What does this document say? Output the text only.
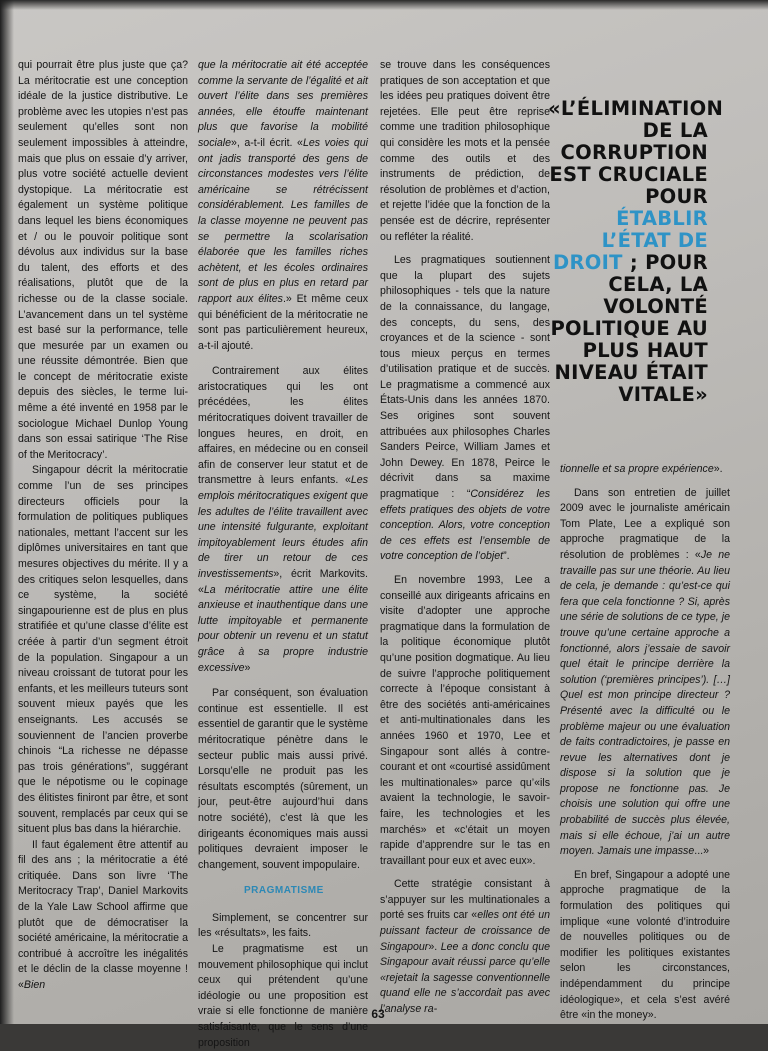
qui pourrait être plus juste que ça? La méritocratie est une conception idéale de la justice distributive. Le problème avec les utopies n’est pas seulement qu’elles sont non seulement impossibles à atteindre, mais que plus on essaie d’y arriver, plus votre société actuelle devient dystopique. La méritocratie est également un système politique dans lequel les biens économiques et / ou le pouvoir politique sont dévolus aux individus sur la base du talent, des efforts et des réalisations, plutôt que de la richesse ou de la classe sociale. L’avancement dans un tel système est basé sur la performance, telle que mesurée par un examen ou une réussite démontrée. Bien que le concept de méritocratie existe depuis des siècles, le terme lui-même a été inventé en 1958 par le sociologue Michael Dunlop Young dans son essai satirique ‘The Rise of the Meritocracy’.

Singapour décrit la méritocratie comme l’un de ses principes directeurs officiels pour la formulation de politiques publiques nationales, mettant l’accent sur les diplômes universitaires en tant que mesures objectives du mérite. Il y a des critiques selon lesquelles, dans ce système, la société singapourienne est de plus en plus stratifiée et qu’une classe d’élite est créée à partir d’un segment étroit de la population. Singapour a un niveau croissant de tutorat pour les enfants, et les meilleurs tuteurs sont souvent mieux payés que les enseignants. Les accusés se souviennent de l’ancien proverbe chinois “La richesse ne dépasse pas trois générations”, suggérant que le népotisme ou le copinage des élitistes finiront par être, et sont souvent, remplacés par ceux qui se situent plus bas dans la hiérarchie.

Il faut également être attentif au fil des ans ; la méritocratie a été critiquée. Dans son livre ‘The Meritocracy Trap’, Daniel Markovits de la Yale Law School affirme que plutôt que de démocratiser la société américaine, la méritocratie a contribué à accroître les inégalités et le déclin de la classe moyenne ! «Bien

que la méritocratie ait été acceptée comme la servante de l’égalité et ait ouvert l’élite dans ses premières années, elle étouffe maintenant plus que favorise la mobilité sociale», a-t-il écrit. «Les voies qui ont jadis transporté des gens de circonstances modestes vers l’élite américaine se rétrécissent considérablement. Les familles de la classe moyenne ne peuvent pas se permettre la scolarisation élaborée que les familles riches achètent, et les écoles ordinaires sont de plus en plus en retard par rapport aux élites.» Et même ceux qui bénéficient de la méritocratie ne sont pas particulièrement heureux, a-t-il ajouté.

Contrairement aux élites aristocratiques qui les ont précédées, les élites méritocratiques doivent travailler de longues heures, en droit, en affaires, en médecine ou en conseil afin de conserver leur statut et de transmettre à leurs enfants. «Les emplois méritocratiques exigent que les adultes de l’élite travaillent avec une intensité fulgurante, exploitant impitoyablement leurs études afin de tirer un retour de ces investissements», écrit Markovits. «La méritocratie attire une élite anxieuse et inauthentique dans une lutte impitoyable et permanente pour obtenir un revenu et un statut grâce à sa propre industrie excessive»

Par conséquent, son évaluation continue est essentielle. Il est essentiel de garantir que le système méritocratique pénètre dans le secteur public mais aussi privé. Lorsqu’elle ne produit pas les résultats escomptés (sûrement, un jour, peut-être aujourd’hui dans notre société), c’est là que les dirigeants économiques mais aussi politiques devraient imposer le changement, souvent impopulaire.

PRAGMATISME

Simplement, se concentrer sur les «résultats», les faits.

Le pragmatisme est un mouvement philosophique qui inclut ceux qui prétendent qu’une idéologie ou une proposition est vraie si elle fonctionne de manière satisfaisante, que le sens d’une proposition

se trouve dans les conséquences pratiques de son acceptation et que les idées peu pratiques doivent être rejetées. Elle peut être reprise comme une tradition philosophique qui considère les mots et la pensée comme des outils et des instruments de prédiction, de résolution de problèmes et d’action, et rejette l’idée que la fonction de la pensée est de décrire, représenter ou refléter la réalité.

Les pragmatiques soutiennent que la plupart des sujets philosophiques - tels que la nature de la connaissance, du langage, des concepts, du sens, des croyances et de la science - sont tous mieux perçus en termes d’utilisation pratique et de succès. Le pragmatisme a commencé aux États-Unis dans les années 1870. Ses origines sont souvent attribuées aux philosophes Charles Sanders Peirce, William James et John Dewey. En 1878, Peirce le décrivit dans sa maxime pragmatique : “Considérez les effets pratiques des objets de votre conception. Alors, votre conception de ces effets est l’ensemble de votre conception de l’objet”.

En novembre 1993, Lee a conseillé aux dirigeants africains en visite d’adopter une approche pragmatique dans la formulation de la politique économique plutôt qu’une position dogmatique. Au lieu de suivre l’approche politiquement correcte à l’époque consistant à être des sociétés anti-américaines et anti-multinationales dans les années 1960 et 1970, Lee et Singapour sont allés à contre-courant et ont «courtisé assidûment les multinationales» parce qu’«ils avaient la technologie, le savoir-faire, les technologies et les marchés» et «c’était un moyen rapide d’apprendre sur le tas en travaillant pour eux et avec eux».

Cette stratégie consistant à s’appuyer sur les multinationales a porté ses fruits car «elles ont été un puissant facteur de croissance de Singapour». Lee a donc conclu que Singapour avait réussi parce qu’elle «rejetait la sagesse conventionnelle quand elle ne s’accordait pas avec l’analyse ra-

«L’ÉLIMINATION DE LA CORRUPTION EST CRUCIALE POUR ÉTABLIR L’ÉTAT DE DROIT ; POUR CELA, LA VOLONTÉ POLITIQUE AU PLUS HAUT NIVEAU ÉTAIT VITALE»

tionnelle et sa propre expérience».

Dans son entretien de juillet 2009 avec le journaliste américain Tom Plate, Lee a expliqué son approche pragmatique de la résolution de problèmes : «Je ne travaille pas sur une théorie. Au lieu de cela, je demande : qu’est-ce qui fera que cela fonctionne ? Si, après une série de solutions de ce type, je trouve qu’une certaine approche a fonctionné, alors j’essaie de savoir quel était le principe derrière la solution (‘premières principes’). […] Quel est mon principe directeur ? Présenté avec la difficulté ou le problème majeur ou une évaluation de faits contradictoires, je passe en revue les alternatives dont je dispose si la solution que je propose ne fonctionne pas. Je choisis une solution qui offre une probabilité de succès plus élevée, mais si elle échoue, j’ai un autre moyen. Jamais une impasse...»

En bref, Singapour a adopté une approche pragmatique de la formulation des politiques qui implique «une volonté d’introduire de nouvelles politiques ou de modifier les politiques existantes selon les circonstances, indépendamment du principe idéologique», et cela s’est avéré être «in the money».

63
